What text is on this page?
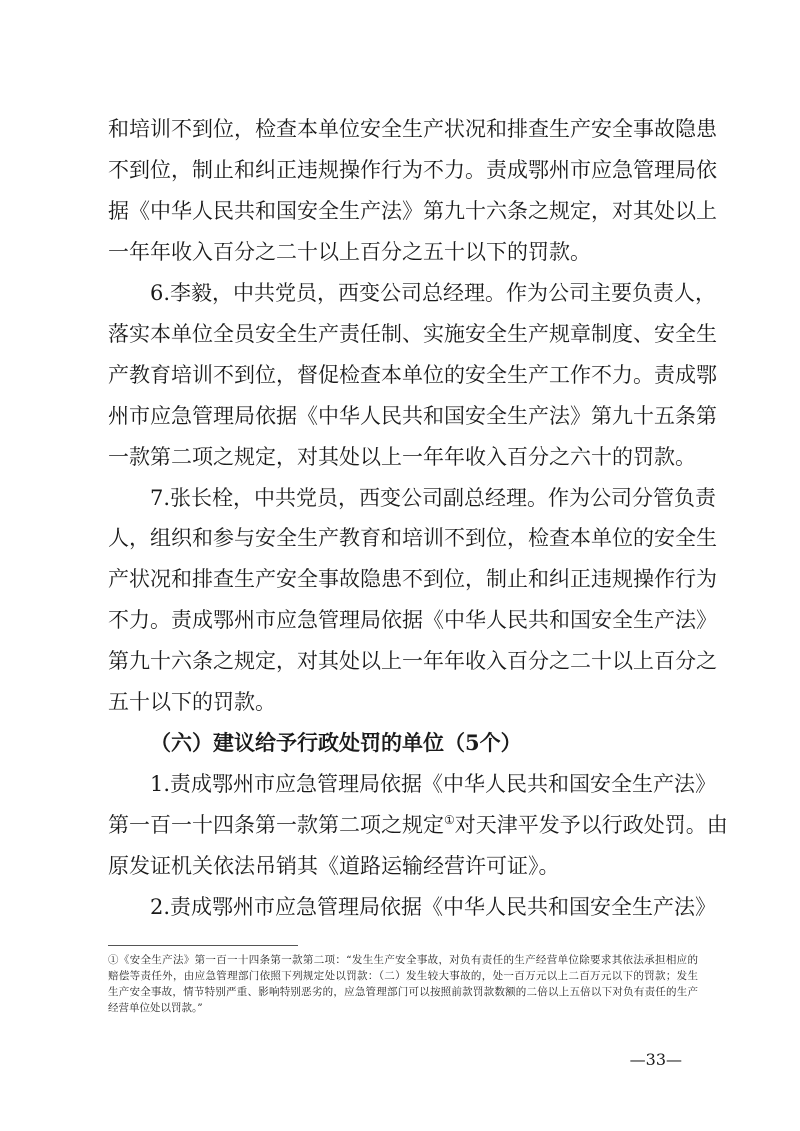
和培训不到位，检查本单位安全生产状况和排查生产安全事故隐患
不到位，制止和纠正违规操作行为不力。责成鄂州市应急管理局依
据《中华人民共和国安全生产法》第九十六条之规定，对其处以上
一年年收入百分之二十以上百分之五十以下的罚款。
6.李毅，中共党员，西变公司总经理。作为公司主要负责人，
落实本单位全员安全生产责任制、实施安全生产规章制度、安全生
产教育培训不到位，督促检查本单位的安全生产工作不力。责成鄂
州市应急管理局依据《中华人民共和国安全生产法》第九十五条第
一款第二项之规定，对其处以上一年年收入百分之六十的罚款。
7.张长栓，中共党员，西变公司副总经理。作为公司分管负责
人，组织和参与安全生产教育和培训不到位，检查本单位的安全生
产状况和排查生产安全事故隐患不到位，制止和纠正违规操作行为
不力。责成鄂州市应急管理局依据《中华人民共和国安全生产法》
第九十六条之规定，对其处以上一年年收入百分之二十以上百分之
五十以下的罚款。
（六）建议给予行政处罚的单位（5个）
1.责成鄂州市应急管理局依据《中华人民共和国安全生产法》
第一百一十四条第一款第二项之规定①对天津平发予以行政处罚。由
原发证机关依法吊销其《道路运输经营许可证》。
2.责成鄂州市应急管理局依据《中华人民共和国安全生产法》
①《安全生产法》第一百一十四条第一款第二项：“发生生产安全事故，对负有责任的生产经营单位除要求其依法承担相应的
赔偿等责任外，由应急管理部门依照下列规定处以罚款：（二）发生较大事故的，处一百万元以上二百万元以下的罚款；发生
生产安全事故，情节特别严重、影响特别恶劣的，应急管理部门可以按照前款罚款数额的二倍以上五倍以下对负有责任的生产
经营单位处以罚款。”
—33—
